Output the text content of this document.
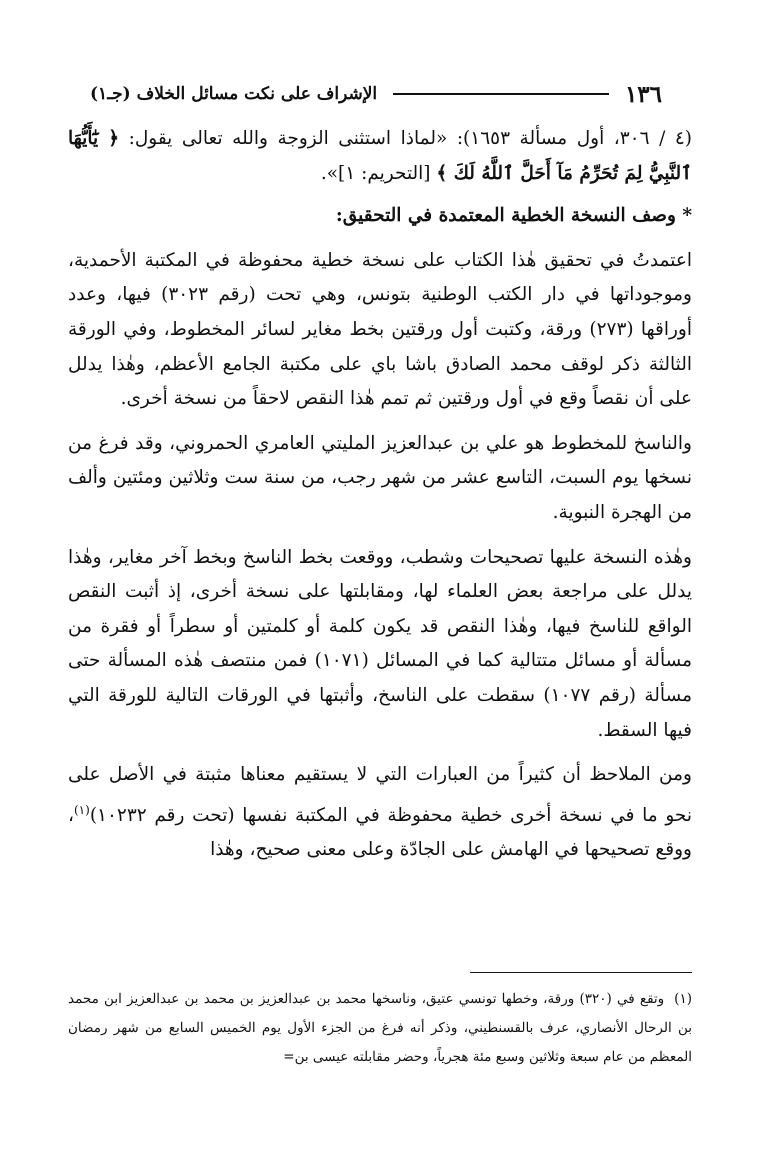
١٣٦
الإشراف على نكت مسائل الخلاف (جـ١)

(٤ / ٣٠٦، أول مسألة ١٦٥٣): «لماذا استثنى الزوجة والله تعالى يقول: ﴿ يَٰٓأَيُّهَا ٱلنَّبِيُّ لِمَ تُحَرِّمُ مَآ أَحَلَّ ٱللَّهُ لَكَ ﴾ [التحريم: ١]».

* وصف النسخة الخطية المعتمدة في التحقيق:

اعتمدتُ في تحقيق هٰذا الكتاب على نسخة خطية محفوظة في المكتبة الأحمدية، وموجوداتها في دار الكتب الوطنية بتونس، وهي تحت (رقم ٣٠٢٣) فيها، وعدد أوراقها (٢٧٣) ورقة، وكتبت أول ورقتين بخط مغاير لسائر المخطوط، وفي الورقة الثالثة ذكر لوقف محمد الصادق باشا باي على مكتبة الجامع الأعظم، وهٰذا يدلل على أن نقصاً وقع في أول ورقتين ثم تمم هٰذا النقص لاحقاً من نسخة أخرى.

والناسخ للمخطوط هو علي بن عبدالعزيز المليتي العامري الحمروني، وقد فرغ من نسخها يوم السبت، التاسع عشر من شهر رجب، من سنة ست وثلاثين ومئتين وألف من الهجرة النبوية.

وهٰذه النسخة عليها تصحيحات وشطب، ووقعت بخط الناسخ وبخط آخر مغاير، وهٰذا يدلل على مراجعة بعض العلماء لها، ومقابلتها على نسخة أخرى، إذ أثبت النقص الواقع للناسخ فيها، وهٰذا النقص قد يكون كلمة أو كلمتين أو سطراً أو فقرة من مسألة أو مسائل متتالية كما في المسائل (١٠٧١) فمن منتصف هٰذه المسألة حتى مسألة (رقم ١٠٧٧) سقطت على الناسخ، وأثبتها في الورقات التالية للورقة التي فيها السقط.

ومن الملاحظ أن كثيراً من العبارات التي لا يستقيم معناها مثبتة في الأصل على نحو ما في نسخة أخرى خطية محفوظة في المكتبة نفسها (تحت رقم ١٠٢٣٢)$^{(١)}$، ووقع تصحيحها في الهامش على الجادّة وعلى معنى صحيح، وهٰذا

(١)وتقع في (٣٢٠) ورقة، وخطها تونسي عتيق، وناسخها محمد بن عبدالعزيز بن محمد بن عبدالعزيز ابن محمد بن الرحال الأنصاري، عرف بالقسنطيني، وذكر أنه فرغ من الجزء الأول يوم الخميس السابع من شهر رمضان المعظم من عام سبعة وثلاثين وسبع مئة هجرياً، وحضر مقابلته عيسى بن=
